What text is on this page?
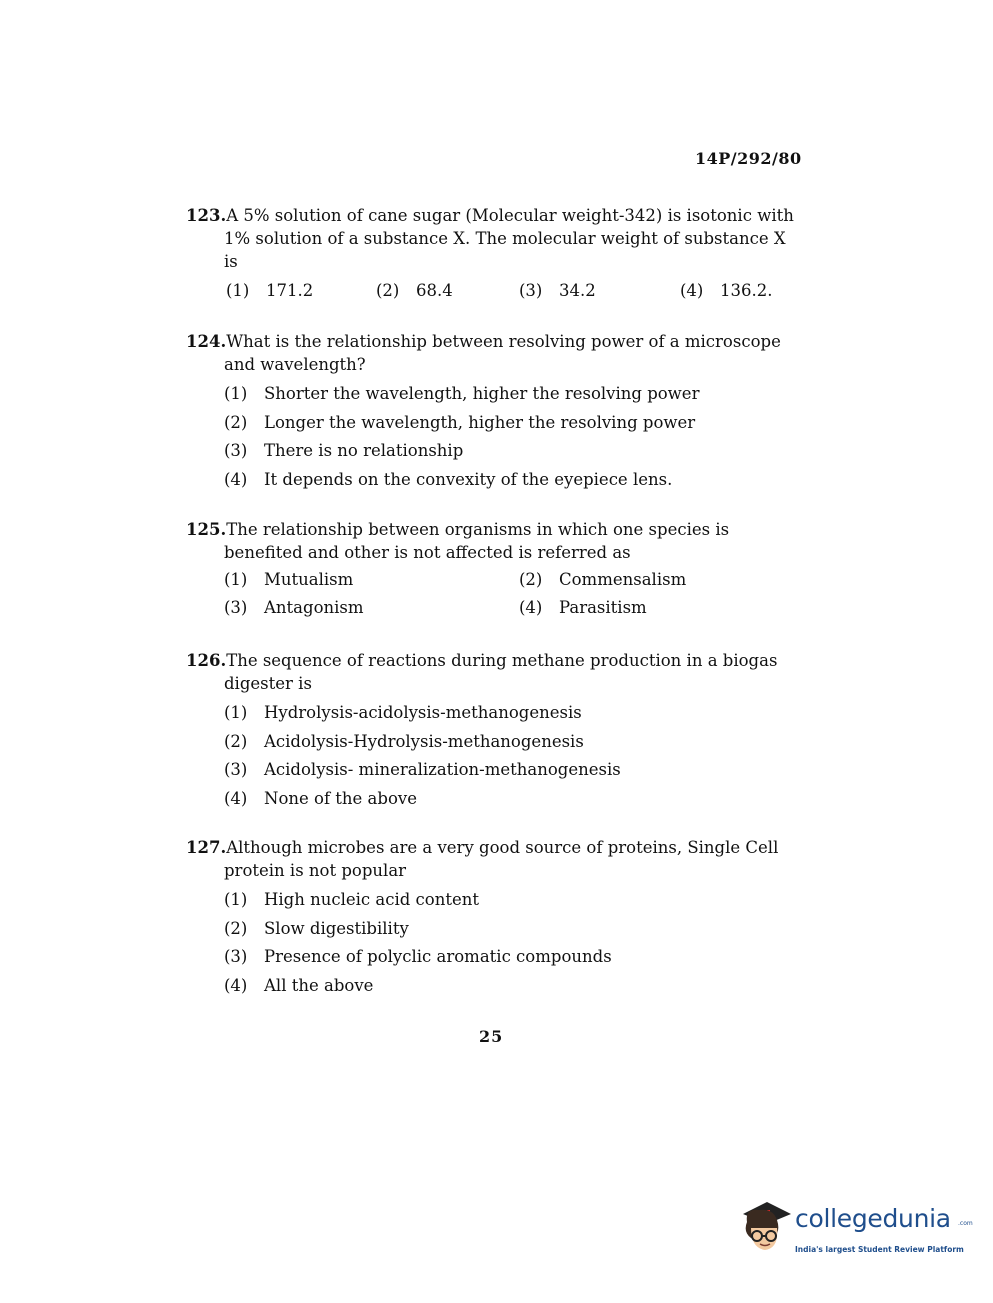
14P/292/80
123. A 5% solution of cane sugar (Molecular weight-342) is isotonic with
1% solution of a substance X. The molecular weight of substance X
is
(1)	171.2	(2)	68.4	(3)	34.2	(4)	136.2.
124. What is the relationship between resolving power of a microscope
and wavelength?
(1)	Shorter the wavelength, higher the resolving power
(2)	Longer the wavelength, higher the resolving power
(3)	There is no relationship
(4)	It depends on the convexity of the eyepiece lens.
125. The relationship between organisms in which one species is
benefited and other is not affected is referred as
(1)	Mutualism	(2)	Commensalism
(3)	Antagonism	(4)	Parasitism
126. The sequence of reactions during methane production in a biogas
digester is
(1)	Hydrolysis-acidolysis-methanogenesis
(2)	Acidolysis-Hydrolysis-methanogenesis
(3)	Acidolysis- mineralization-methanogenesis
(4)	None of the above
127. Although microbes are a very good source of proteins, Single Cell
protein is not popular
(1)	High nucleic acid content
(2)	Slow digestibility
(3)	Presence of polyclic aromatic compounds
(4)	All the above
25
collegedunia .com
India's largest Student Review Platform
